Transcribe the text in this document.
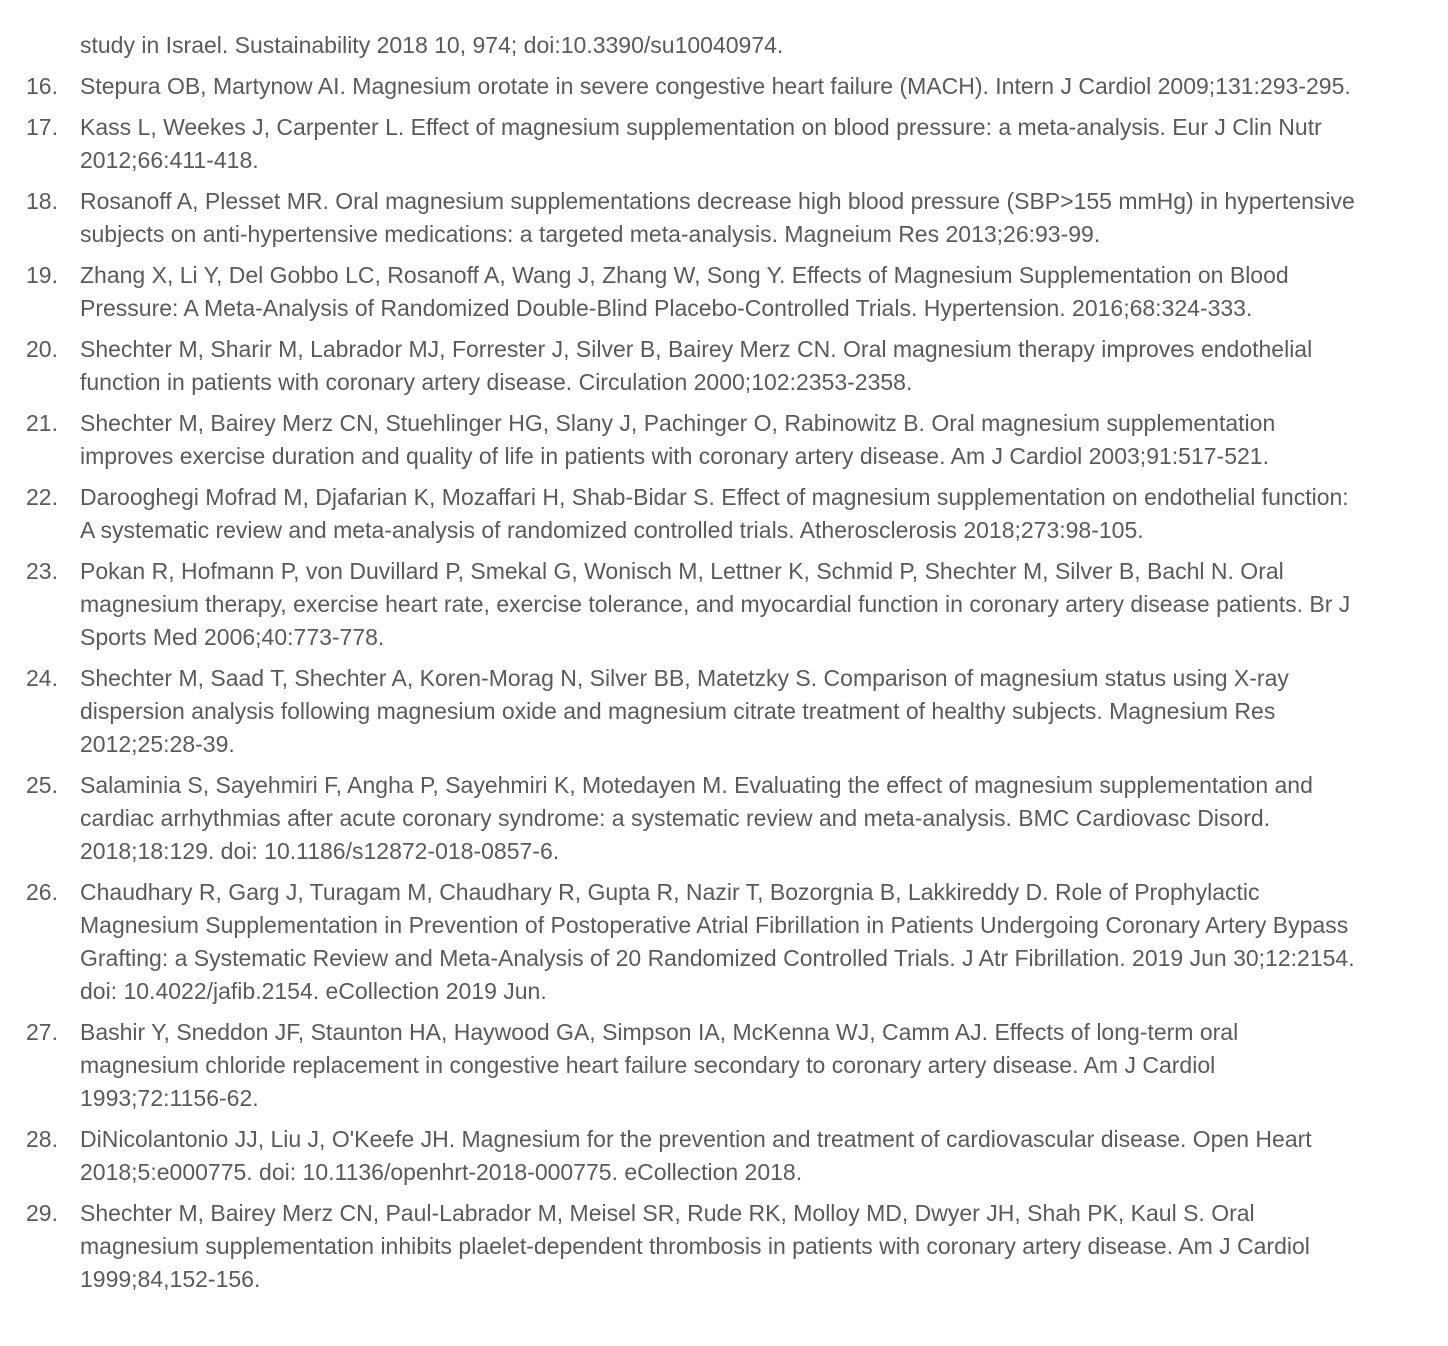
study in Israel. Sustainability 2018 10, 974; doi:10.3390/su10040974.
16. Stepura OB, Martynow AI. Magnesium orotate in severe congestive heart failure (MACH). Intern J Cardiol 2009;131:293-295.
17. Kass L, Weekes J, Carpenter L. Effect of magnesium supplementation on blood pressure: a meta-analysis. Eur J Clin Nutr 2012;66:411-418.
18. Rosanoff A, Plesset MR. Oral magnesium supplementations decrease high blood pressure (SBP>155 mmHg) in hypertensive subjects on anti-hypertensive medications: a targeted meta-analysis. Magneium Res 2013;26:93-99.
19. Zhang X, Li Y, Del Gobbo LC, Rosanoff A, Wang J, Zhang W, Song Y. Effects of Magnesium Supplementation on Blood Pressure: A Meta-Analysis of Randomized Double-Blind Placebo-Controlled Trials. Hypertension. 2016;68:324-333.
20. Shechter M, Sharir M, Labrador MJ, Forrester J, Silver B, Bairey Merz CN. Oral magnesium therapy improves endothelial function in patients with coronary artery disease. Circulation 2000;102:2353-2358.
21. Shechter M, Bairey Merz CN, Stuehlinger HG, Slany J, Pachinger O, Rabinowitz B. Oral magnesium supplementation improves exercise duration and quality of life in patients with coronary artery disease. Am J Cardiol 2003;91:517-521.
22. Darooghegi Mofrad M, Djafarian K, Mozaffari H, Shab-Bidar S. Effect of magnesium supplementation on endothelial function: A systematic review and meta-analysis of randomized controlled trials. Atherosclerosis 2018;273:98-105.
23. Pokan R, Hofmann P, von Duvillard P, Smekal G, Wonisch M, Lettner K, Schmid P, Shechter M, Silver B, Bachl N. Oral magnesium therapy, exercise heart rate, exercise tolerance, and myocardial function in coronary artery disease patients. Br J Sports Med 2006;40:773-778.
24. Shechter M, Saad T, Shechter A, Koren-Morag N, Silver BB, Matetzky S. Comparison of magnesium status using X-ray dispersion analysis following magnesium oxide and magnesium citrate treatment of healthy subjects. Magnesium Res 2012;25:28-39.
25. Salaminia S, Sayehmiri F, Angha P, Sayehmiri K, Motedayen M. Evaluating the effect of magnesium supplementation and cardiac arrhythmias after acute coronary syndrome: a systematic review and meta-analysis. BMC Cardiovasc Disord. 2018;18:129. doi: 10.1186/s12872-018-0857-6.
26. Chaudhary R, Garg J, Turagam M, Chaudhary R, Gupta R, Nazir T, Bozorgnia B, Lakkireddy D. Role of Prophylactic Magnesium Supplementation in Prevention of Postoperative Atrial Fibrillation in Patients Undergoing Coronary Artery Bypass Grafting: a Systematic Review and Meta-Analysis of 20 Randomized Controlled Trials. J Atr Fibrillation. 2019 Jun 30;12:2154. doi: 10.4022/jafib.2154. eCollection 2019 Jun.
27. Bashir Y, Sneddon JF, Staunton HA, Haywood GA, Simpson IA, McKenna WJ, Camm AJ. Effects of long-term oral magnesium chloride replacement in congestive heart failure secondary to coronary artery disease. Am J Cardiol 1993;72:1156-62.
28. DiNicolantonio JJ, Liu J, O'Keefe JH. Magnesium for the prevention and treatment of cardiovascular disease. Open Heart 2018;5:e000775. doi: 10.1136/openhrt-2018-000775. eCollection 2018.
29. Shechter M, Bairey Merz CN, Paul-Labrador M, Meisel SR, Rude RK, Molloy MD, Dwyer JH, Shah PK, Kaul S. Oral magnesium supplementation inhibits plaelet-dependent thrombosis in patients with coronary artery disease. Am J Cardiol 1999;84,152-156.
